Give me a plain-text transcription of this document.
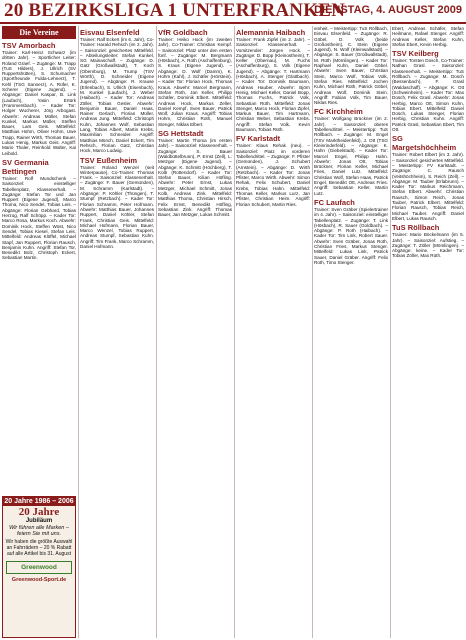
20 BEZIRKSLIGA 1 UNTERFRANKEN
DIENSTAG, 4. AUGUST 2009
Die Vereine
TSV Amorbach
Trainer: Karl-Heinz Schwarz (im dritten Jahr). – Sportlicher Leiter: Roland Graef. – Zugänge: M. Trapp (TuS Hilders), J. Ullrich (SV Ruppertshütten), S. Schumacher (Sportfreunde Fulda-Lehnerz), T. Kehl (TSG Sannerz), A. Rüfer, K. Scherer (Eigene Jugend). – Abgänge: Daniel Kaspar, B. Link (Laufach), Yasin Ertürk (Frammersbach). – Kader Tor: Holger Wucherer, Jörg Arbogast. Abwehr: Andreas Müller, Stefan Kunkel, Markus Müller, Steffen Bauer, Lars Geis. Mittelfeld: Matthias Hohm, Oliver Hohm, Uwe Trapp, Rainer Wirth, Thomas Bauer, Lukas Henig, Markus Geis. Angriff: Mario Thaler, Reinhold Walter, Kai Leibold.
SV Germania Bettingen
Trainer: Rolf Mundschenk – Saisonziel: einstelliger Tabellenplatz, Klassenerhalt. – Zugänge: Stefan Tor und Jan Ruppert (Eigene Jugend), Marco Thoma, Nico Sendel, Tobias Leis. – Abgänge: Florian Gebhard, Tobias Herzog, Ralf Schöpp. – Kader Tor: Marco Rosa, Markus Koch. Abwehr: Dominik Hock, Steffen Wüst, Nico Sendel, Tobias Kiesel, Stefan Leis. Mittelfeld: Andreas Klöffel, Michael Stapf, Jan Ruppert, Florian Rausch, Benjamin Kuhn. Angriff: Stefan Tor, Benedikt Bolz, Christoph Eckert, Sebastian Martin.
20 Jahre 1986 – 2006
20 Jahre
Jubiläum
Wir führen alle Marken – feiern Sie mit uns.
Wir haben die größte Auswahl an Fahrrädern – 20 % Rabatt auf alle Artikel bis 31. August
Greenwood
Greenwood-Sport.de
Eisvau Elsenfeld
Trainer: Ralf Eckert (im 6. Jahr), Co-Trainer: Harald Rehsch (im 2. Jahr). – Saisonziel: gesichertes Mittelfeld. – Abteilungsleiter: Stefan Kunkel, SG Mainaschaff. – Zugänge: D. Gatz (Großwallstadt), T. Koch (Obernburg), M. Trump (TSV Wörth), D. Schneider (Eigene Jugend). – Abgänge: R. Krause (Erlenbach), S. Ullrich (Eisenbach), M. Kunkel (Laufach), J. Weber (Haibach). – Kader Tor: Andreas Zöller, Tobias Gesler. Abwehr: Benjamin Bauer, Daniel Haas, Rainer Gerlach, Florian Müller, Andreas Jung. Mittelfeld: Christoph Kuhn, Johannes Wolf, Sebastian Lang, Tobias Albert, Martin Krebs, Maximilian Schneider. Angriff: Matthias Münch, Daniel Eckert, Tim Rehsch, Florian Gatz, Christian Hock, Marco Ludwig.
TSV Eußenheim
Trainer: Roland Wenzel (seit Winterpause), Co-Trainer: Thomas Frank. – Saisonziel: Klassenerhalt. – Zugänge: F. Bauer (Gemünden), M. Schramm (Karlstadt). – Abgänge: P. Köhler (Thüngen), T. Stumpf (Retzbach). – Kader Tor: Florian Schramm, Peter Hofmann. Abwehr: Matthias Bauer, Johannes Ruppert, Daniel Köhler, Stefan Frank, Christian Geis. Mittelfeld: Michael Hofmann, Florian Bauer, Marco Wenzel, Tobias Ruppert, Andreas Stumpf, Sebastian Kuhn. Angriff: Tim Frank, Marco Schramm, Daniel Hofmann.
VfR Goldbach
Trainer: Heiko Hock (im zweiten Jahr), Co-Trainer: Christian Kempf. – Saisonziel: Platz unter den ersten fünf. – Zugänge: M. Bergmann (Hösbach), A. Roth (Aschaffenburg), S. Kraus (Eigene Jugend). – Abgänge: D. Wolf (Damm), K. Hohm (Kahl), J. Schäfer (Hörstein). – Kader Tor: Florian Hock, Thomas Kraus. Abwehr: Marcel Bergmann, Stefan Roth, Jan Keller, Philipp Schäfer, Dominik Elbert. Mittelfeld: Andreas Hock, Markus Zeller, Daniel Kempf, Sven Bauer, Patrick Wolf, Julian Kraus. Angriff: Tobias Hohm, Christian Roth, Manuel Stenger, Niklas Elbert.
SG Hettstadt
Trainer: Martin Thoma (im ersten Jahr). – Saisonziel: Klassenerhalt. – Zugänge: S. Bauer (Waldbüttelbrunn), P. Ernst (Zell), L. Metzger (Eigene Jugend). – Abgänge: K. Schmitt (Höchberg), T. Kolb (Rottendorf). – Kader Tor: Stefan Bauer, Kilian Höfling. Abwehr: Peter Ernst, Lukas Metzger, Michael Schmitt, Jonas Kolb, Andreas Zink. Mittelfeld: Matthias Thoma, Christian Hirsch, Felix Ernst, Benedikt Höfling, Sebastian Zink. Angriff: Thomas Bauer, Jan Metzger, Lukas Schmitt.
Alemannia Haibach
Trainer: Frank Zipfel (im 2. Jahr). – Saisonziel: Klassenerhalt. – Vorsitzender: Jürgen Hock. – Zugänge: D. Bopp (Kleinostheim), T. Keller (Obernau), M. Fuchs (Aschaffenburg), S. Volk (Eigene Jugend). – Abgänge: T. Hartmann (Hösbach), A. Stenger (Glattbach). – Kader Tor: Dominik Baumann, Andreas Hauber. Abwehr: Björn Henig, Michael Keller, Daniel Bopp, Thomas Fuchs, Patrick Volk, Sebastian Rüth. Mittelfeld: Jonas Stenger, Marco Hock, Florian Zipfel, Markus Bauer, Tim Hartmann, Christian Weber, Sebastian Krebs. Angriff: Stefan Volk, Kevin Baumann, Tobias Rüth.
FV Karlstadt
Trainer: Klaus Rehak (neu). – Saisonziel: Platz im vorderen Tabellendrittel. – Zugänge: F. Pfister (Gemünden), J. Schubert (Arnstein). – Abgänge: D. Wirth (Retzbach). – Kader Tor: Jonas Pfister, Marco Wirth. Abwehr: Simon Rehak, Felix Schubert, Daniel Krebs, Tobias Hahn. Mittelfeld: Thomas Keller, Markus Lurz, Jan Pfister, Christian Heim. Angriff: Florian Schubert, Martin Ries.
einheit. – Meistertipp: TuS Röllbach, Eisvau Elsenfeld. – Zugänge: R. Göbel, D. Volk (beide Großostheim), C. Stein (Eigene Jugend), N. Wolf (Kleinwallstadt). – Abgänge: S. Bauer (Großwallstadt), M. Rüth (Mömlingen). – Kader Tor: Raphael Kuhn, Daniel Göbel. Abwehr: Sven Bauer, Christian Stein, Marco Wolf, Tobias Volk, Stefan Ries. Mittelfeld: Jochen Kuhn, Michael Rüth, Patrick Göbel, Andreas Wolf, Dominik Stein. Angriff: Fabian Volk, Tim Bauer, Niklas Ries.
FC Kirchheim
Trainer: Wolfgang Brückner (im 2. Jahr). – Saisonziel: oberes Tabellendrittel. – Meistertipp: TuS Röllbach. – Zugänge: M. Engel (TSV Marktheidenfeld), J. Ott (TSG Kleinrinderfeld). – Abgänge: K. Hahn (Giebelstadt). – Kader Tor: Marcel Engel, Philipp Hahn. Abwehr: Jonas Ott, Tobias Brückner, Florian Keller, Michael Fries, Daniel Lutz. Mittelfeld: Christian Wolf, Stefan Haas, Patrick Engel, Benedikt Ott, Andreas Fries. Angriff: Sebastian Keller, Martin Lutz.
FC Laufach
Trainer: Sven Gräber (Spielertrainer im 4. Jahr). – Saisonziel: einstelliger Tabellenplatz. – Zugänge: T. Link (Hösbach), R. Sauer (Goldbach). – Abgänge: P. Roth (Haibach). – Kader Tor: Tim Link, Robert Sauer. Abwehr: Sven Gräber, Jonas Roth, Christian Fries, Markus Stenger. Mittelfeld: Lukas Link, Patrick Sauer, Daniel Gräber. Angriff: Felix Roth, Timo Stenger.
Ebert, Andreas Schäfer, Stefan Heilmann, Rafael Stenger. Angriff: Andreas Keller, Stefan Kuhn, Stefan Ebert, Kevin Herbig.
TSV Keilberg
Trainer: Torsten Dosch, Co-Trainer: Nathan Grasl. – Saisonziel: Klassenerhalt. – Meistertipp: TuS Röllbach. – Zugänge: M. Dosch (Bessenbach), F. Grasl (Waldaschaff). – Abgänge: K. Ott (Schweinheim). – Kader Tor: Max Dosch, Felix Grasl. Abwehr: Jonas Herbig, Marco Ott, Simon Kuhn, Tobias Ebert. Mittelfeld: Daniel Dosch, Lukas Stenger, Florian Herbig, Christian Kuhn. Angriff: Patrick Grasl, Sebastian Ebert, Tim Ott.
SG Margetshöchheim
Trainer: Robert Elbert (im 3. Jahr). – Saisonziel: gesichertes Mittelfeld. – Meistertipp: FV Karlstadt. – Zugänge: C. Rausch (Veitshöchheim), S. Reich (Zell). – Abgänge: M. Tauber (Erlabrunn). – Kader Tor: Markus Reichmann, Stefan Elbert. Abwehr: Christian Rausch, Simon Reich, Jonas Tauber, Patrick Elbert. Mittelfeld: Florian Rausch, Tobias Reich, Michael Tauber. Angriff: Daniel Elbert, Lukas Rausch.
TuS Röllbach
Trainer: Mario Böckelmann (im 5. Jahr). – Saisonziel: Aufstieg. – Zugänge: T. Zöller (Mömlingen). – Abgänge: keine. – Kader Tor: Tobias Zöller, Max Rüth.
